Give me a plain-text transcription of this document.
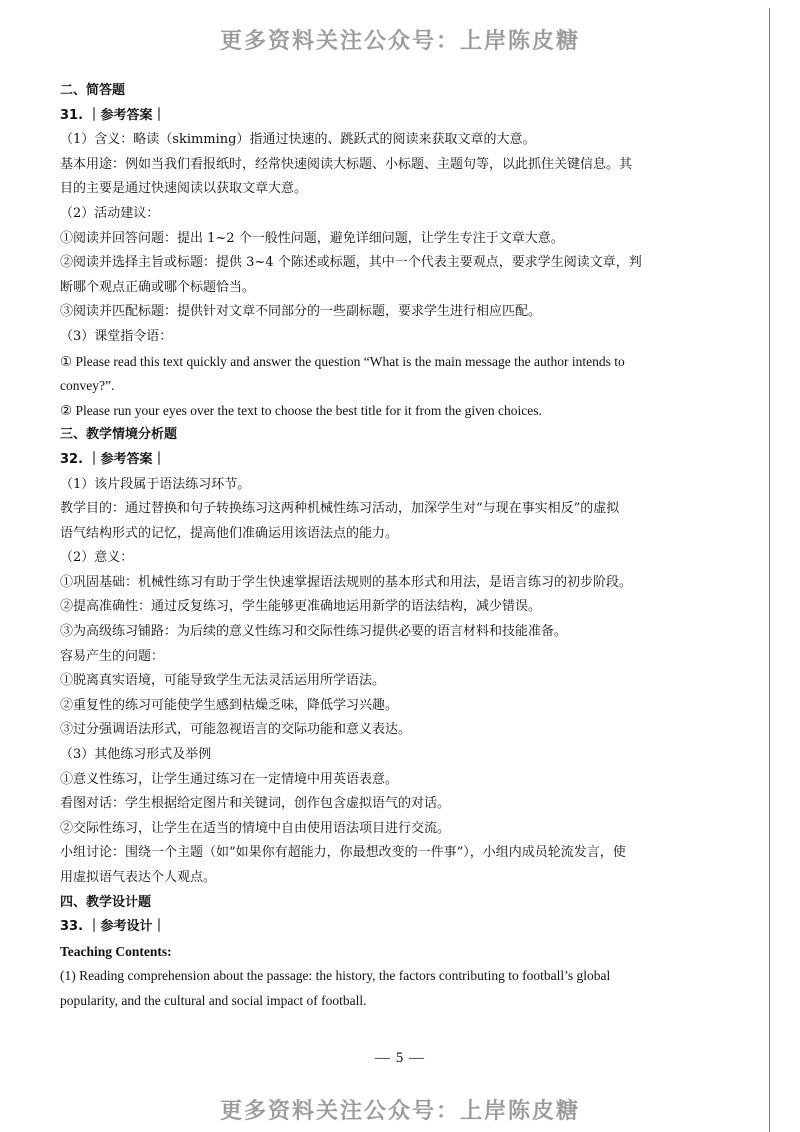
更多资料关注公众号：上岸陈皮糖

二、简答题

31. ｜参考答案｜

（1）含义：略读（skimming）指通过快速的、跳跃式的阅读来获取文章的大意。

基本用途：例如当我们看报纸时，经常快速阅读大标题、小标题、主题句等，以此抓住关键信息。其

目的主要是通过快速阅读以获取文章大意。

（2）活动建议：

①阅读并回答问题：提出 1~2 个一般性问题，避免详细问题，让学生专注于文章大意。

②阅读并选择主旨或标题：提供 3~4 个陈述或标题，其中一个代表主要观点，要求学生阅读文章，判

断哪个观点正确或哪个标题恰当。

③阅读并匹配标题：提供针对文章不同部分的一些副标题，要求学生进行相应匹配。

（3）课堂指令语：

① Please read this text quickly and answer the question “What is the main message the author intends to

convey?”.

② Please run your eyes over the text to choose the best title for it from the given choices.

三、教学情境分析题

32. ｜参考答案｜

（1）该片段属于语法练习环节。

教学目的：通过替换和句子转换练习这两种机械性练习活动，加深学生对“与现在事实相反”的虚拟

语气结构形式的记忆，提高他们准确运用该语法点的能力。

（2）意义：

①巩固基础：机械性练习有助于学生快速掌握语法规则的基本形式和用法，是语言练习的初步阶段。

②提高准确性：通过反复练习，学生能够更准确地运用新学的语法结构，减少错误。

③为高级练习铺路：为后续的意义性练习和交际性练习提供必要的语言材料和技能准备。

容易产生的问题：

①脱离真实语境，可能导致学生无法灵活运用所学语法。

②重复性的练习可能使学生感到枯燥乏味，降低学习兴趣。

③过分强调语法形式，可能忽视语言的交际功能和意义表达。

（3）其他练习形式及举例

①意义性练习，让学生通过练习在一定情境中用英语表意。

看图对话：学生根据给定图片和关键词，创作包含虚拟语气的对话。

②交际性练习，让学生在适当的情境中自由使用语法项目进行交流。

小组讨论：围绕一个主题（如“如果你有超能力，你最想改变的一件事”），小组内成员轮流发言，使

用虚拟语气表达个人观点。

四、教学设计题

33. ｜参考设计｜

Teaching Contents:

(1) Reading comprehension about the passage: the history, the factors contributing to football’s global

popularity, and the cultural and social impact of football.

— 5 —
更多资料关注公众号：上岸陈皮糖
